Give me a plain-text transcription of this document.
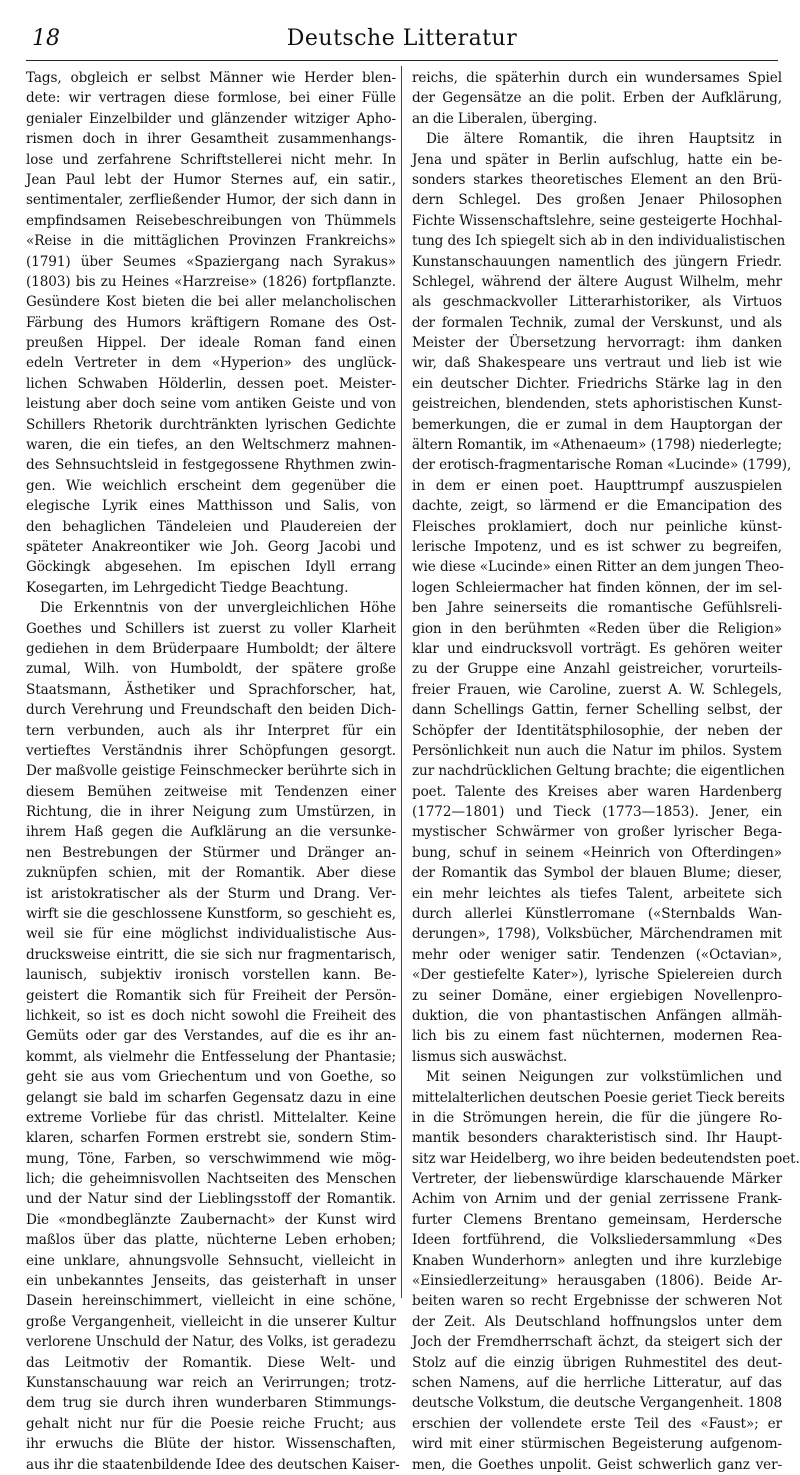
18	Deutsche Litteratur
Tags, obgleich er selbst Männer wie Herder blen-
dete: wir vertragen diese formlose, bei einer Fülle
genialer Einzelbilder und glänzender witziger Apho-
rismen doch in ihrer Gesamtheit zusammenhangs-
lose und zerfahrene Schriftstellerei nicht mehr. In
Jean Paul lebt der Humor Sternes auf, ein satir.,
sentimentaler, zerfließender Humor, der sich dann in
empfindsamen Reisebeschreibungen von Thümmels
«Reise in die mittäglichen Provinzen Frankreichs»
(1791) über Seumes «Spaziergang nach Syrakus»
(1803) bis zu Heines «Harzreise» (1826) fortpflanzte.
Gesündere Kost bieten die bei aller melancholischen
Färbung des Humors kräftigern Romane des Ost-
preußen Hippel. Der ideale Roman fand einen
edeln Vertreter in dem «Hyperion» des unglück-
lichen Schwaben Hölderlin, dessen poet. Meister-
leistung aber doch seine vom antiken Geiste und von
Schillers Rhetorik durchtränkten lyrischen Gedichte
waren, die ein tiefes, an den Weltschmerz mahnen-
des Sehnsuchtsleid in festgegossene Rhythmen zwin-
gen. Wie weichlich erscheint dem gegenüber die
elegische Lyrik eines Matthisson und Salis, von
den behaglichen Tändeleien und Plaudereien der
späteter Anakreontiker wie Joh. Georg Jacobi und
Göckingk abgesehen. Im epischen Idyll errang
Kosegarten, im Lehrgedicht Tiedge Beachtung.
Die Erkenntnis von der unvergleichlichen Höhe
Goethes und Schillers ist zuerst zu voller Klarheit
gediehen in dem Brüderpaare Humboldt; der ältere
zumal, Wilh. von Humboldt, der spätere große
Staatsmann, Ästhetiker und Sprachforscher, hat,
durch Verehrung und Freundschaft den beiden Dich-
tern verbunden, auch als ihr Interpret für ein
vertieftes Verständnis ihrer Schöpfungen gesorgt.
Der maßvolle geistige Feinschmecker berührte sich in
diesem Bemühen zeitweise mit Tendenzen einer
Richtung, die in ihrer Neigung zum Umstürzen, in
ihrem Haß gegen die Aufklärung an die versunke-
nen Bestrebungen der Stürmer und Dränger an-
zuknüpfen schien, mit der Romantik. Aber diese
ist aristokratischer als der Sturm und Drang. Ver-
wirft sie die geschlossene Kunstform, so geschieht es,
weil sie für eine möglichst individualistische Aus-
drucksweise eintritt, die sie sich nur fragmentarisch,
launisch, subjektiv ironisch vorstellen kann. Be-
geistert die Romantik sich für Freiheit der Persön-
lichkeit, so ist es doch nicht sowohl die Freiheit des
Gemüts oder gar des Verstandes, auf die es ihr an-
kommt, als vielmehr die Entfesselung der Phantasie;
geht sie aus vom Griechentum und von Goethe, so
gelangt sie bald im scharfen Gegensatz dazu in eine
extreme Vorliebe für das christl. Mittelalter. Keine
klaren, scharfen Formen erstrebt sie, sondern Stim-
mung, Töne, Farben, so verschwimmend wie mög-
lich; die geheimnisvollen Nachtseiten des Menschen
und der Natur sind der Lieblingsstoff der Romantik.
Die «mondbeglänzte Zaubernacht» der Kunst wird
maßlos über das platte, nüchterne Leben erhoben;
eine unklare, ahnungsvolle Sehnsucht, vielleicht in
ein unbekanntes Jenseits, das geisterhaft in unser
Dasein hereinschimmert, vielleicht in eine schöne,
große Vergangenheit, vielleicht in die unserer Kultur
verlorene Unschuld der Natur, des Volks, ist geradezu
das Leitmotiv der Romantik. Diese Welt- und
Kunstanschauung war reich an Verirrungen; trotz-
dem trug sie durch ihren wunderbaren Stimmungs-
gehalt nicht nur für die Poesie reiche Frucht; aus
ihr erwuchs die Blüte der histor. Wissenschaften,
aus ihr die staatenbildende Idee des deutschen Kaiser-
reichs, die späterhin durch ein wundersames Spiel
der Gegensätze an die polit. Erben der Aufklärung,
an die Liberalen, überging.
Die ältere Romantik, die ihren Hauptsitz in
Jena und später in Berlin aufschlug, hatte ein be-
sonders starkes theoretisches Element an den Brü-
dern Schlegel. Des großen Jenaer Philosophen
Fichte Wissenschaftslehre, seine gesteigerte Hochhal-
tung des Ich spiegelt sich ab in den individualistischen
Kunstanschauungen namentlich des jüngern Friedr.
Schlegel, während der ältere August Wilhelm, mehr
als geschmackvoller Litterarhistoriker, als Virtuos
der formalen Technik, zumal der Verskunst, und als
Meister der Übersetzung hervorragt: ihm danken
wir, daß Shakespeare uns vertraut und lieb ist wie
ein deutscher Dichter. Friedrichs Stärke lag in den
geistreichen, blendenden, stets aphoristischen Kunst-
bemerkungen, die er zumal in dem Hauptorgan der
ältern Romantik, im «Athenaeum» (1798) niederlegte;
der erotisch-fragmentarische Roman «Lucinde» (1799),
in dem er einen poet. Haupttrumpf auszuspielen
dachte, zeigt, so lärmend er die Emancipation des
Fleisches proklamiert, doch nur peinliche künst-
lerische Impotenz, und es ist schwer zu begreifen,
wie diese «Lucinde» einen Ritter an dem jungen Theo-
logen Schleiermacher hat finden können, der im sel-
ben Jahre seinerseits die romantische Gefühlsreli-
gion in den berühmten «Reden über die Religion»
klar und eindrucksvoll vorträgt. Es gehören weiter
zu der Gruppe eine Anzahl geistreicher, vorurteils-
freier Frauen, wie Caroline, zuerst A. W. Schlegels,
dann Schellings Gattin, ferner Schelling selbst, der
Schöpfer der Identitätsphilosophie, der neben der
Persönlichkeit nun auch die Natur im philos. System
zur nachdrücklichen Geltung brachte; die eigentlichen
poet. Talente des Kreises aber waren Hardenberg
(1772—1801) und Tieck (1773—1853). Jener, ein
mystischer Schwärmer von großer lyrischer Bega-
bung, schuf in seinem «Heinrich von Ofterdingen»
der Romantik das Symbol der blauen Blume; dieser,
ein mehr leichtes als tiefes Talent, arbeitete sich
durch allerlei Künstlerromane («Sternbalds Wan-
derungen», 1798), Volksbücher, Märchendramen mit
mehr oder weniger satir. Tendenzen («Octavian»,
«Der gestiefelte Kater»), lyrische Spielereien durch
zu seiner Domäne, einer ergiebigen Novellenpro-
duktion, die von phantastischen Anfängen allmäh-
lich bis zu einem fast nüchternen, modernen Rea-
lismus sich auswächst.
Mit seinen Neigungen zur volkstümlichen und
mittelalterlichen deutschen Poesie geriet Tieck bereits
in die Strömungen herein, die für die jüngere Ro-
mantik besonders charakteristisch sind. Ihr Haupt-
sitz war Heidelberg, wo ihre beiden bedeutendsten poet.
Vertreter, der liebenswürdige klarschauende Märker
Achim von Arnim und der genial zerrissene Frank-
furter Clemens Brentano gemeinsam, Herdersche
Ideen fortführend, die Volksliedersammlung «Des
Knaben Wunderhorn» anlegten und ihre kurzlebige
«Einsiedlerzeitung» herausgaben (1806). Beide Ar-
beiten waren so recht Ergebnisse der schweren Not
der Zeit. Als Deutschland hoffnungslos unter dem
Joch der Fremdherrschaft ächzt, da steigert sich der
Stolz auf die einzig übrigen Ruhmestitel des deut-
schen Namens, auf die herrliche Litteratur, auf das
deutsche Volkstum, die deutsche Vergangenheit. 1808
erschien der vollendete erste Teil des «Faust»; er
wird mit einer stürmischen Begeisterung aufgenom-
men, die Goethes unpolit. Geist schwerlich ganz ver-
